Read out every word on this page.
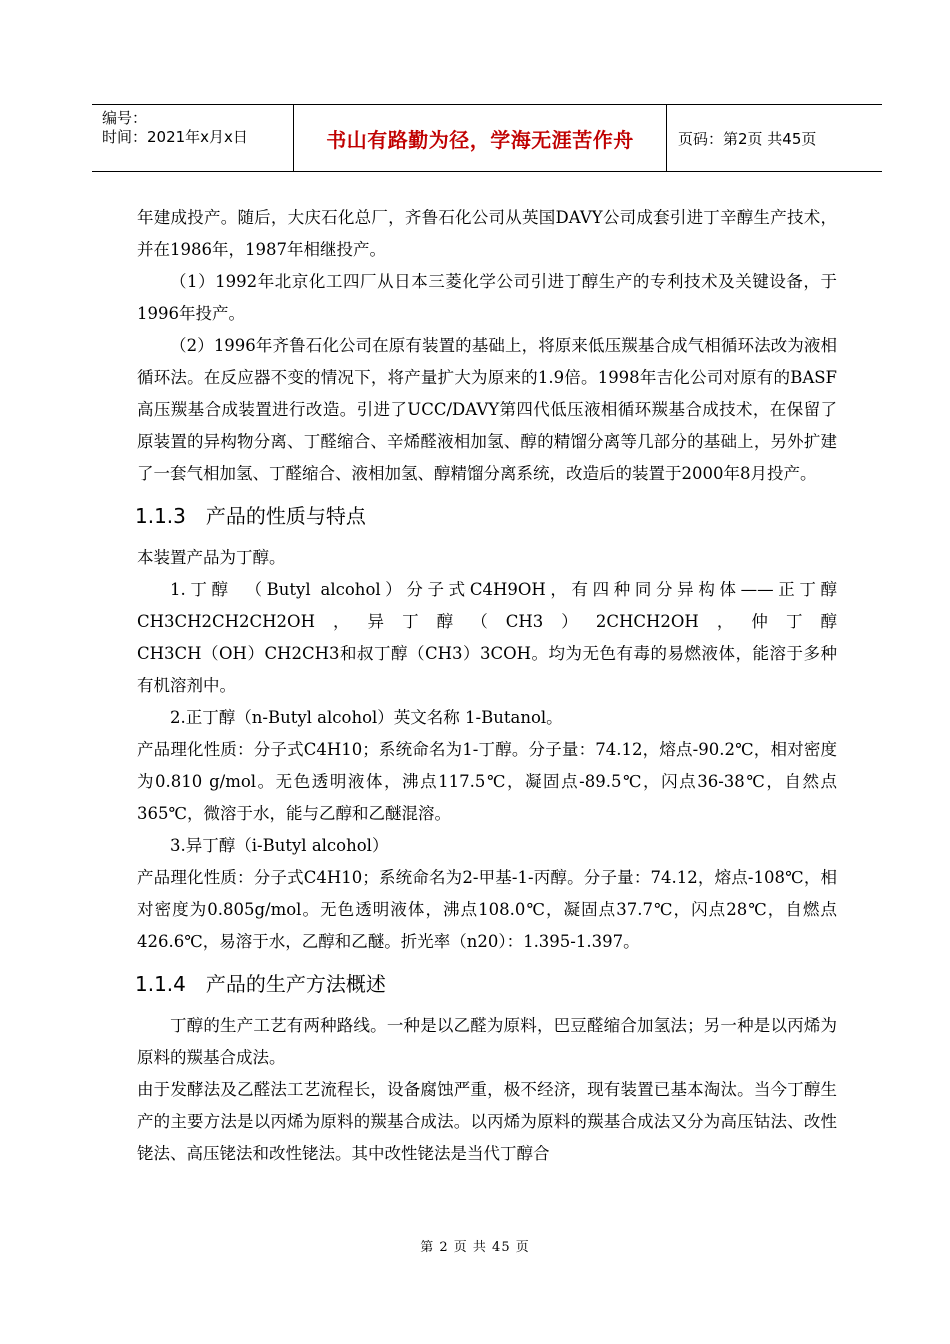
编号：
时间：2021年x月x日	书山有路勤为径，学海无涯苦作舟	页码：第2页 共45页

年建成投产。随后，大庆石化总厂，齐鲁石化公司从英国DAVY公司成套引进丁辛醇生产技术，并在1986年，1987年相继投产。

（1）1992年北京化工四厂从日本三菱化学公司引进丁醇生产的专利技术及关键设备，于1996年投产。

（2）1996年齐鲁石化公司在原有装置的基础上，将原来低压羰基合成气相循环法改为液相循环法。在反应器不变的情况下，将产量扩大为原来的1.9倍。1998年吉化公司对原有的BASF高压羰基合成装置进行改造。引进了UCC/DAVY第四代低压液相循环羰基合成技术，在保留了原装置的异构物分离、丁醛缩合、辛烯醛液相加氢、醇的精馏分离等几部分的基础上，另外扩建了一套气相加氢、丁醛缩合、液相加氢、醇精馏分离系统，改造后的装置于2000年8月投产。

1.1.3　产品的性质与特点

本装置产品为丁醇。

1.丁醇　（Butyl alcohol）分子式C4H9OH，有四种同分异构体——正丁醇

CH3CH2CH2CH2OH，异丁醇（CH3）2CHCH2OH，仲丁醇

CH3CH（OH）CH2CH3和叔丁醇（CH3）3COH。均为无色有毒的易燃液体，能溶于多种有机溶剂中。

2.正丁醇（n-Butyl alcohol）英文名称 1-Butanol。

产品理化性质：分子式C4H10；系统命名为1-丁醇。分子量：74.12，熔点-90.2℃，相对密度为0.810 g/mol。无色透明液体，沸点117.5℃，凝固点-89.5℃，闪点36-38℃，自然点365℃，微溶于水，能与乙醇和乙醚混溶。

3.异丁醇（i-Butyl alcohol）

产品理化性质：分子式C4H10；系统命名为2-甲基-1-丙醇。分子量：74.12，熔点-108℃，相对密度为0.805g/mol。无色透明液体，沸点108.0℃，凝固点37.7℃，闪点28℃，自燃点426.6℃，易溶于水，乙醇和乙醚。折光率（n20）：1.395-1.397。

1.1.4　产品的生产方法概述

丁醇的生产工艺有两种路线。一种是以乙醛为原料，巴豆醛缩合加氢法；另一种是以丙烯为原料的羰基合成法。

由于发酵法及乙醛法工艺流程长，设备腐蚀严重，极不经济，现有装置已基本淘汰。当今丁醇生产的主要方法是以丙烯为原料的羰基合成法。以丙烯为原料的羰基合成法又分为高压钴法、改性铑法、高压铑法和改性铑法。其中改性铑法是当代丁醇合

第 2 页 共 45 页
